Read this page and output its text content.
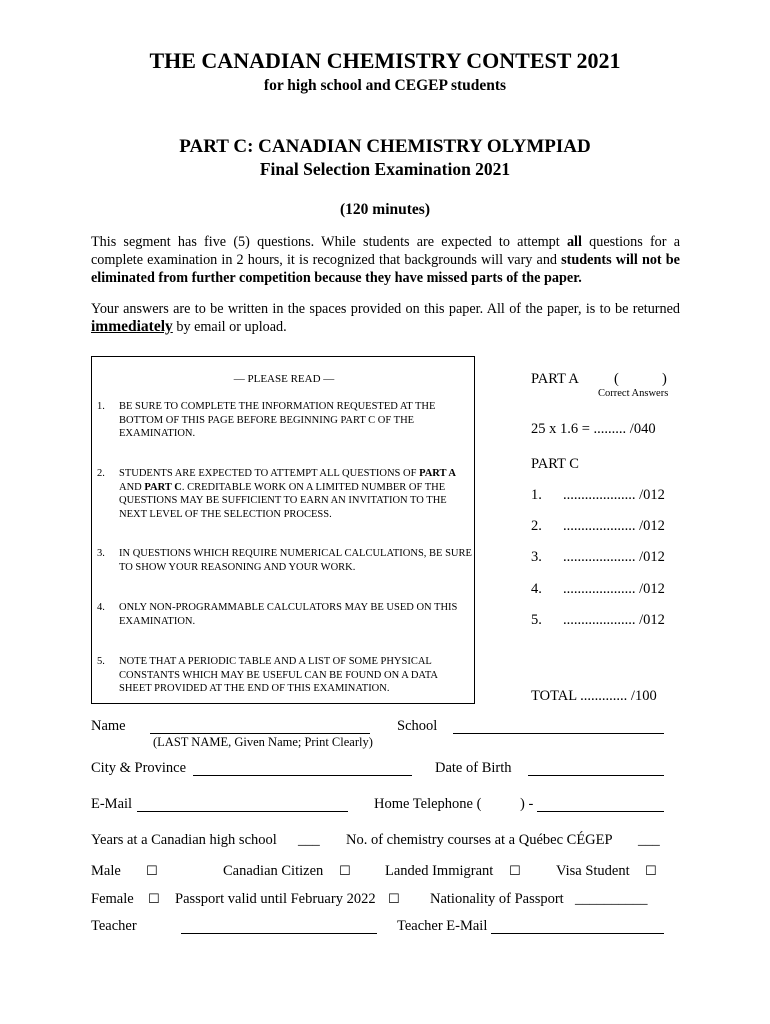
THE CANADIAN CHEMISTRY CONTEST 2021
for high school and CEGEP students
PART C: CANADIAN CHEMISTRY OLYMPIAD
Final Selection Examination 2021
(120 minutes)
This segment has five (5) questions. While students are expected to attempt all questions for a complete examination in 2 hours, it is recognized that backgrounds will vary and students will not be eliminated from further competition because they have missed parts of the paper.
Your answers are to be written in the spaces provided on this paper. All of the paper, is to be returned immediately by email or upload.
— PLEASE READ —
1. BE SURE TO COMPLETE THE INFORMATION REQUESTED AT THE BOTTOM OF THIS PAGE BEFORE BEGINNING PART C OF THE EXAMINATION.
2. STUDENTS ARE EXPECTED TO ATTEMPT ALL QUESTIONS OF PART A AND PART C. CREDITABLE WORK ON A LIMITED NUMBER OF THE QUESTIONS MAY BE SUFFICIENT TO EARN AN INVITATION TO THE NEXT LEVEL OF THE SELECTION PROCESS.
3. IN QUESTIONS WHICH REQUIRE NUMERICAL CALCULATIONS, BE SURE TO SHOW YOUR REASONING AND YOUR WORK.
4. ONLY NON-PROGRAMMABLE CALCULATORS MAY BE USED ON THIS EXAMINATION.
5. NOTE THAT A PERIODIC TABLE AND A LIST OF SOME PHYSICAL CONSTANTS WHICH MAY BE USEFUL CAN BE FOUND ON A DATA SHEET PROVIDED AT THE END OF THIS EXAMINATION.
PART A (	)
Correct Answers
25 x 1.6 = ......... /040
PART C
1. .................... /012
2. .................... /012
3. .................... /012
4. .................... /012
5. .................... /012
TOTAL ............. /100
Name
(LAST NAME, Given Name; Print Clearly)
School
City & Province	Date of Birth
E-Mail	Home Telephone (	) -
Years at a Canadian high school ___ No. of chemistry courses at a Québec CÉGEP ___
Male ☐	Canadian Citizen ☐ Landed Immigrant ☐ Visa Student ☐
Female ☐ Passport valid until February 2022 ☐ Nationality of Passport __________
Teacher	Teacher E-Mail
